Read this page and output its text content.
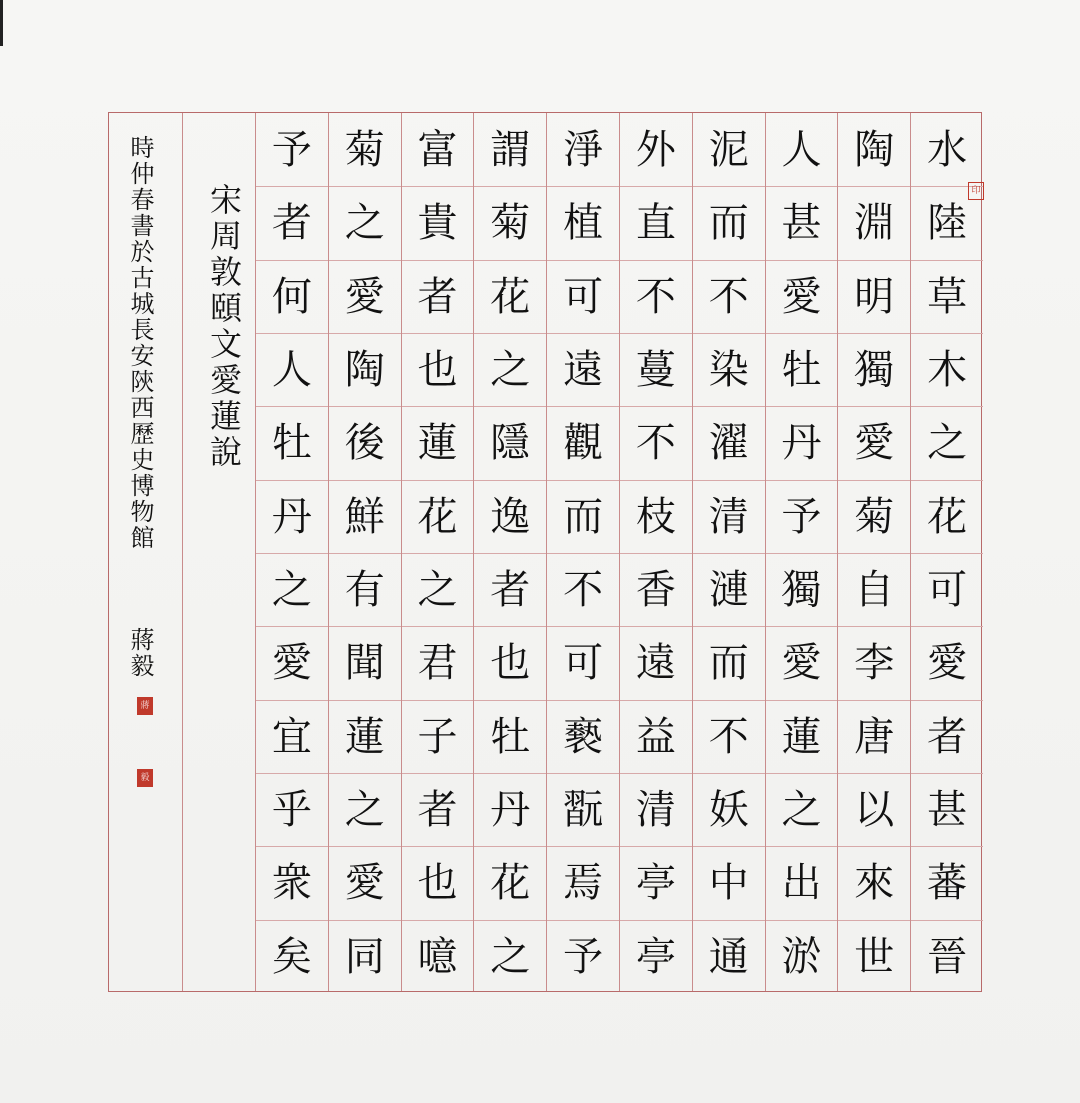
宋周敦頤文愛蓮說
時仲春書於古城長安陝西歷史博物館
蔣毅
蔣
毅
水
陸
草
木
之
花
可
愛
者
甚
蕃
晉
陶
淵
明
獨
愛
菊
自
李
唐
以
來
世
人
甚
愛
牡
丹
予
獨
愛
蓮
之
出
淤
泥
而
不
染
濯
清
漣
而
不
妖
中
通
外
直
不
蔓
不
枝
香
遠
益
清
亭
亭
淨
植
可
遠
觀
而
不
可
褻
翫
焉
予
謂
菊
花
之
隱
逸
者
也
牡
丹
花
之
富
貴
者
也
蓮
花
之
君
子
者
也
噫
菊
之
愛
陶
後
鮮
有
聞
蓮
之
愛
同
予
者
何
人
牡
丹
之
愛
宜
乎
衆
矣
印
